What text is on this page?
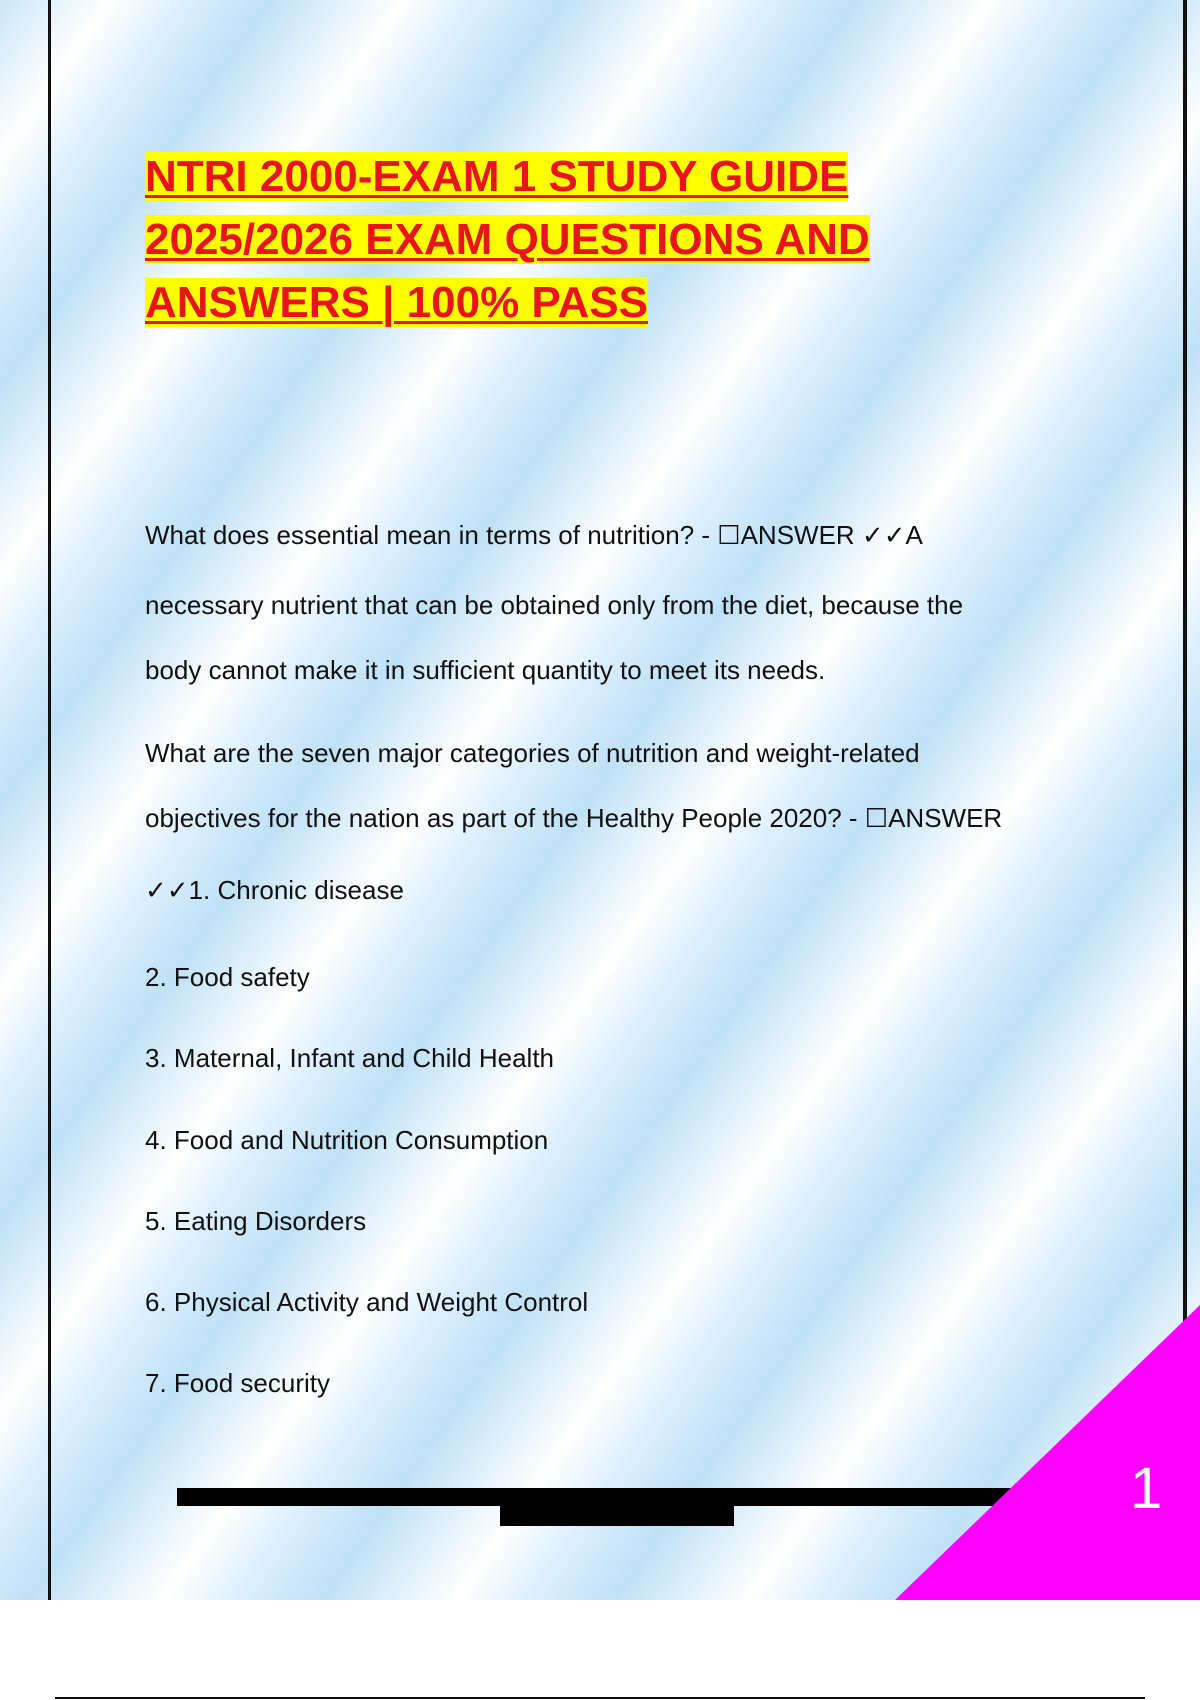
NTRI 2000-EXAM 1 STUDY GUIDE
2025/2026 EXAM QUESTIONS AND
ANSWERS | 100% PASS

What does essential mean in terms of nutrition? - ☐ANSWER ✓✓A

necessary nutrient that can be obtained only from the diet, because the

body cannot make it in sufficient quantity to meet its needs.

What are the seven major categories of nutrition and weight-related

objectives for the nation as part of the Healthy People 2020? - ☐ANSWER

✓✓1. Chronic disease

2. Food safety

3. Maternal, Infant and Child Health

4. Food and Nutrition Consumption

5. Eating Disorders

6. Physical Activity and Weight Control

7. Food security

1
